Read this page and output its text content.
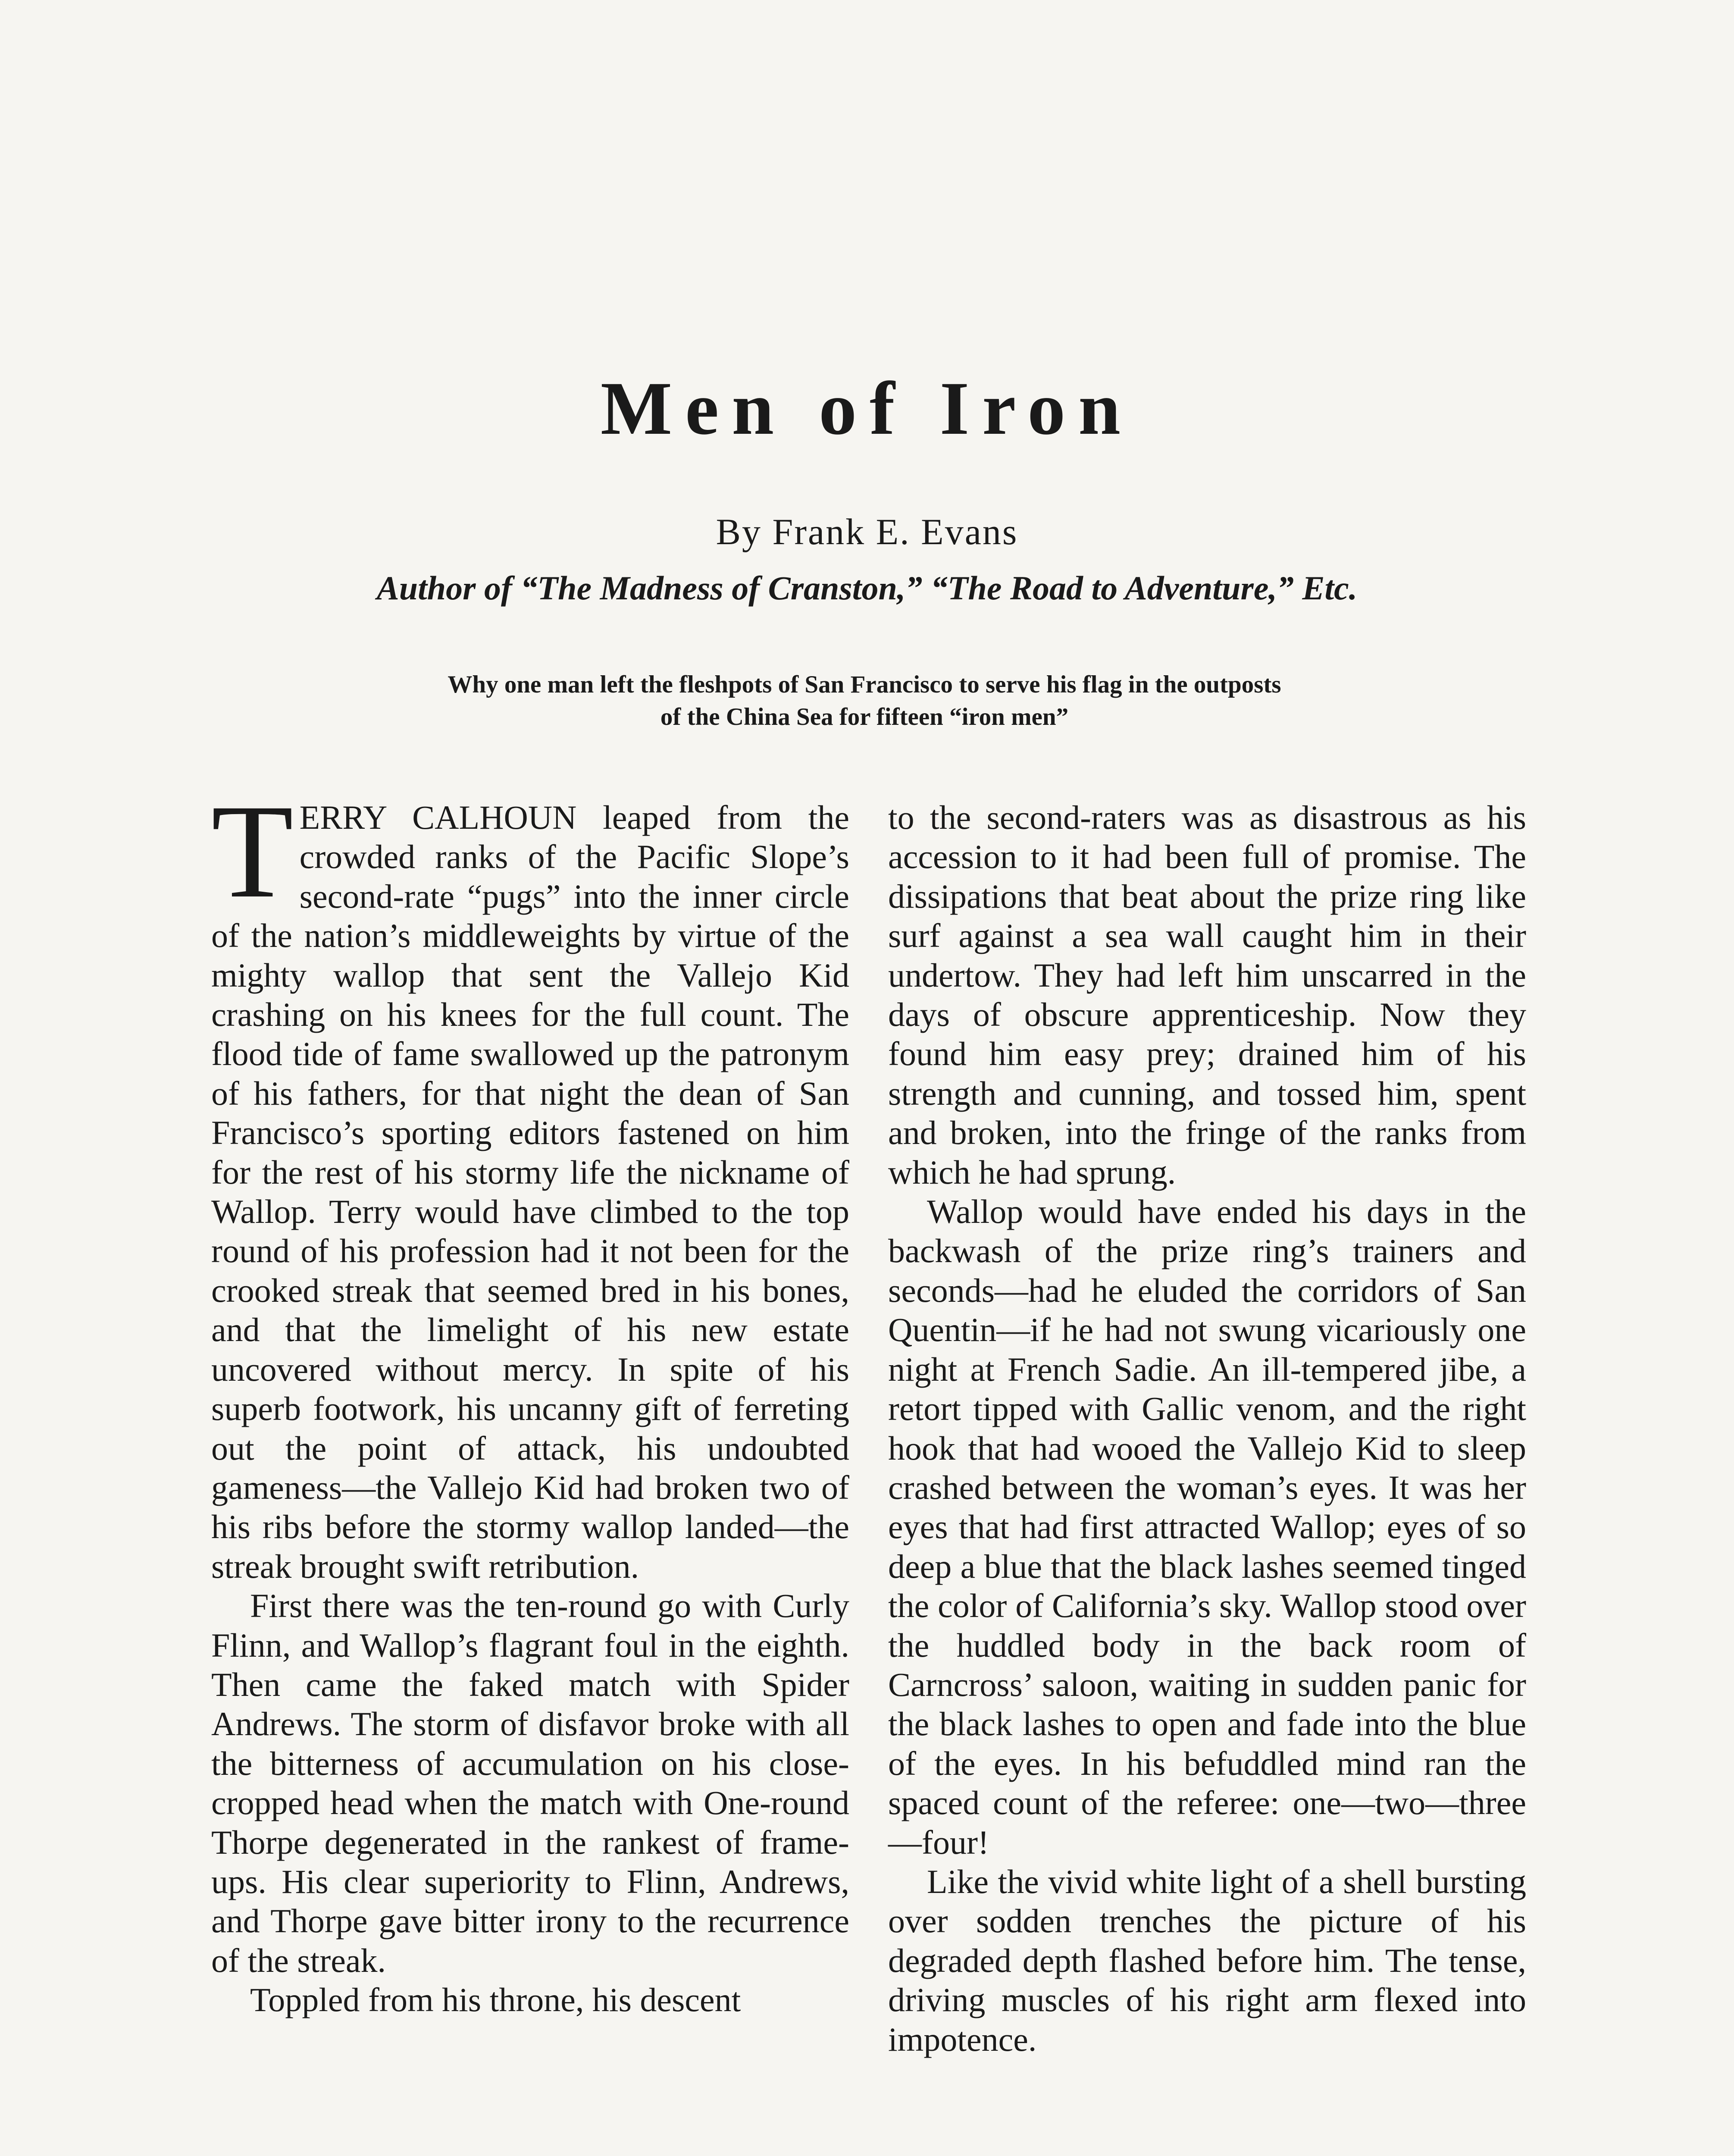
Men of Iron
By Frank E. Evans
Author of “The Madness of Cranston,” “The Road to Adventure,” Etc.
Why one man left the fleshpots of San Francisco to serve his flag in the outposts of the China Sea for fifteen “iron men”

TERRY CALHOUN leaped from the crowded ranks of the Pacific Slope’s second-rate “pugs” into the inner circle of the nation’s middleweights by virtue of the mighty wallop that sent the Vallejo Kid crashing on his knees for the full count. The flood tide of fame swallowed up the patronym of his fathers, for that night the dean of San Francisco’s sporting editors fastened on him for the rest of his stormy life the nickname of Wallop. Terry would have climbed to the top round of his profession had it not been for the crooked streak that seemed bred in his bones, and that the limelight of his new estate uncovered without mercy. In spite of his superb footwork, his uncanny gift of ferreting out the point of attack, his undoubted gameness—the Vallejo Kid had broken two of his ribs before the stormy wallop landed—the streak brought swift retribution.

First there was the ten-round go with Curly Flinn, and Wallop’s flagrant foul in the eighth. Then came the faked match with Spider Andrews. The storm of disfavor broke with all the bitterness of accumulation on his close-cropped head when the match with One-round Thorpe degenerated in the rankest of frame-ups. His clear superiority to Flinn, Andrews, and Thorpe gave bitter irony to the recurrence of the streak.

Toppled from his throne, his descent

to the second-raters was as disastrous as his accession to it had been full of promise. The dissipations that beat about the prize ring like surf against a sea wall caught him in their undertow. They had left him unscarred in the days of obscure apprenticeship. Now they found him easy prey; drained him of his strength and cunning, and tossed him, spent and broken, into the fringe of the ranks from which he had sprung.

Wallop would have ended his days in the backwash of the prize ring’s trainers and seconds—had he eluded the corridors of San Quentin—if he had not swung vicariously one night at French Sadie. An ill-tempered jibe, a retort tipped with Gallic venom, and the right hook that had wooed the Vallejo Kid to sleep crashed between the woman’s eyes. It was her eyes that had first attracted Wallop; eyes of so deep a blue that the black lashes seemed tinged the color of California’s sky. Wallop stood over the huddled body in the back room of Carncross’ saloon, waiting in sudden panic for the black lashes to open and fade into the blue of the eyes. In his befuddled mind ran the spaced count of the referee: one—two—three—four!

Like the vivid white light of a shell bursting over sodden trenches the picture of his degraded depth flashed before him. The tense, driving muscles of his right arm flexed into impotence.
